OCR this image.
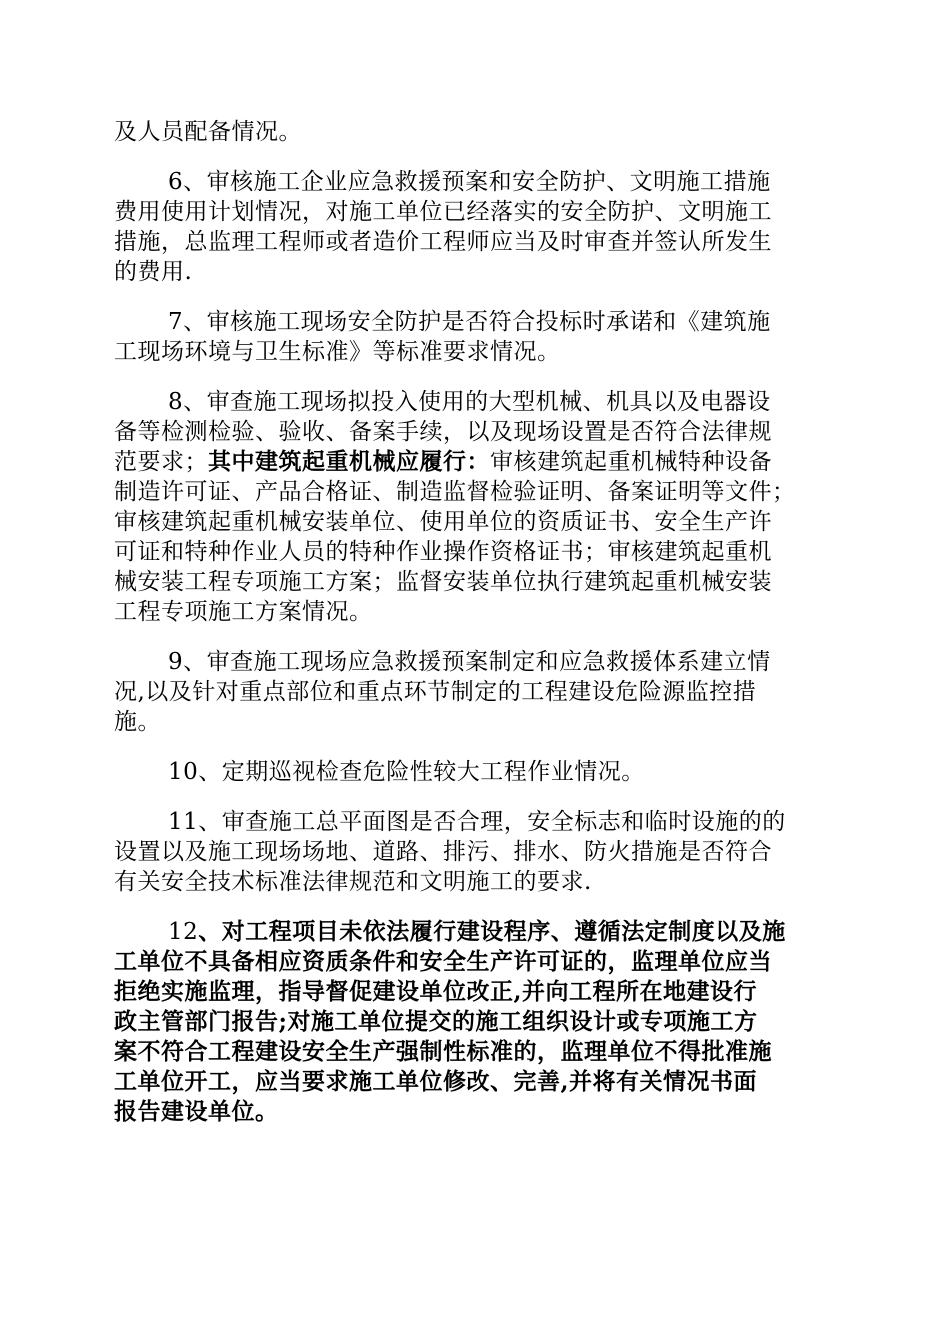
及人员配备情况。
6、审核施工企业应急救援预案和安全防护、文明施工措施
费用使用计划情况，对施工单位已经落实的安全防护、文明施工
措施，总监理工程师或者造价工程师应当及时审查并签认所发生
的费用.
7、审核施工现场安全防护是否符合投标时承诺和《建筑施
工现场环境与卫生标准》等标准要求情况。
8、审查施工现场拟投入使用的大型机械、机具以及电器设
备等检测检验、验收、备案手续，以及现场设置是否符合法律规
范要求；其中建筑起重机械应履行：审核建筑起重机械特种设备
制造许可证、产品合格证、制造监督检验证明、备案证明等文件；
审核建筑起重机械安装单位、使用单位的资质证书、安全生产许
可证和特种作业人员的特种作业操作资格证书；审核建筑起重机
械安装工程专项施工方案；监督安装单位执行建筑起重机械安装
工程专项施工方案情况。
9、审查施工现场应急救援预案制定和应急救援体系建立情
况,以及针对重点部位和重点环节制定的工程建设危险源监控措
施。
10、定期巡视检查危险性较大工程作业情况。
11、审查施工总平面图是否合理，安全标志和临时设施的的
设置以及施工现场场地、道路、排污、排水、防火措施是否符合
有关安全技术标准法律规范和文明施工的要求.
12、对工程项目未依法履行建设程序、遵循法定制度以及施
工单位不具备相应资质条件和安全生产许可证的，监理单位应当
拒绝实施监理，指导督促建设单位改正,并向工程所在地建设行
政主管部门报告;对施工单位提交的施工组织设计或专项施工方
案不符合工程建设安全生产强制性标准的，监理单位不得批准施
工单位开工，应当要求施工单位修改、完善,并将有关情况书面
报告建设单位。
